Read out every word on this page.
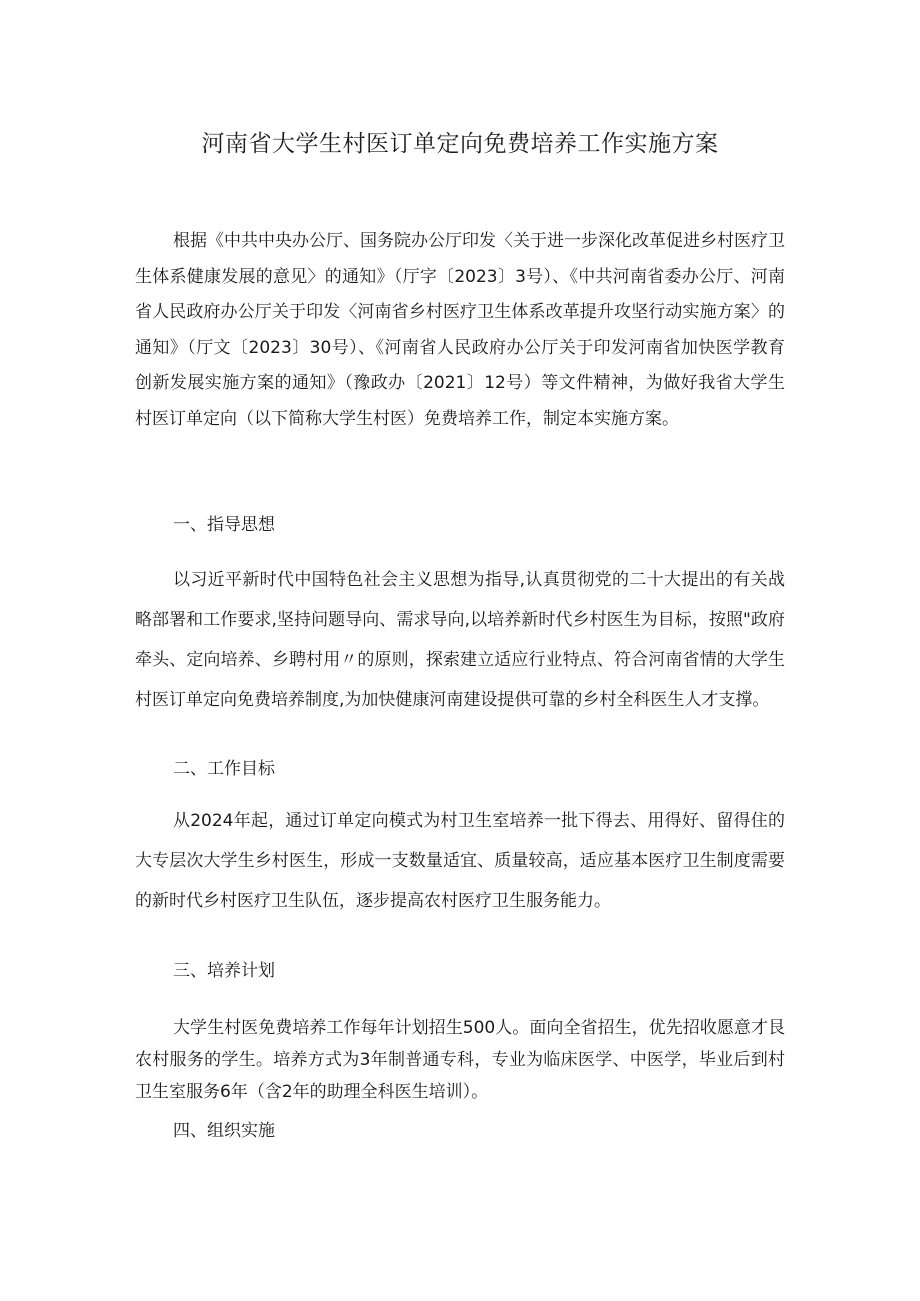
河南省大学生村医订单定向免费培养工作实施方案

根据《中共中央办公厅、国务院办公厅印发〈关于进一步深化改革促进乡村医疗卫生体系健康发展的意见〉的通知》（厅字〔2023〕3号）、《中共河南省委办公厅、河南省人民政府办公厅关于印发〈河南省乡村医疗卫生体系改革提升攻坚行动实施方案〉的通知》（厅文〔2023〕30号）、《河南省人民政府办公厅关于印发河南省加快医学教育创新发展实施方案的通知》（豫政办〔2021〕12号）等文件精神，为做好我省大学生村医订单定向（以下简称大学生村医）免费培养工作，制定本实施方案。

一、指导思想

以习近平新时代中国特色社会主义思想为指导,认真贯彻党的二十大提出的有关战略部署和工作要求,坚持问题导向、需求导向,以培养新时代乡村医生为目标，按照"政府牵头、定向培养、乡聘村用〃的原则，探索建立适应行业特点、符合河南省情的大学生村医订单定向免费培养制度,为加快健康河南建设提供可靠的乡村全科医生人才支撑。

二、工作目标

从2024年起，通过订单定向模式为村卫生室培养一批下得去、用得好、留得住的大专层次大学生乡村医生，形成一支数量适宜、质量较高，适应基本医疗卫生制度需要的新时代乡村医疗卫生队伍，逐步提高农村医疗卫生服务能力。

三、培养计划

大学生村医免费培养工作每年计划招生500人。面向全省招生，优先招收愿意才艮农村服务的学生。培养方式为3年制普通专科，专业为临床医学、中医学，毕业后到村卫生室服务6年（含2年的助理全科医生培训）。

四、组织实施
